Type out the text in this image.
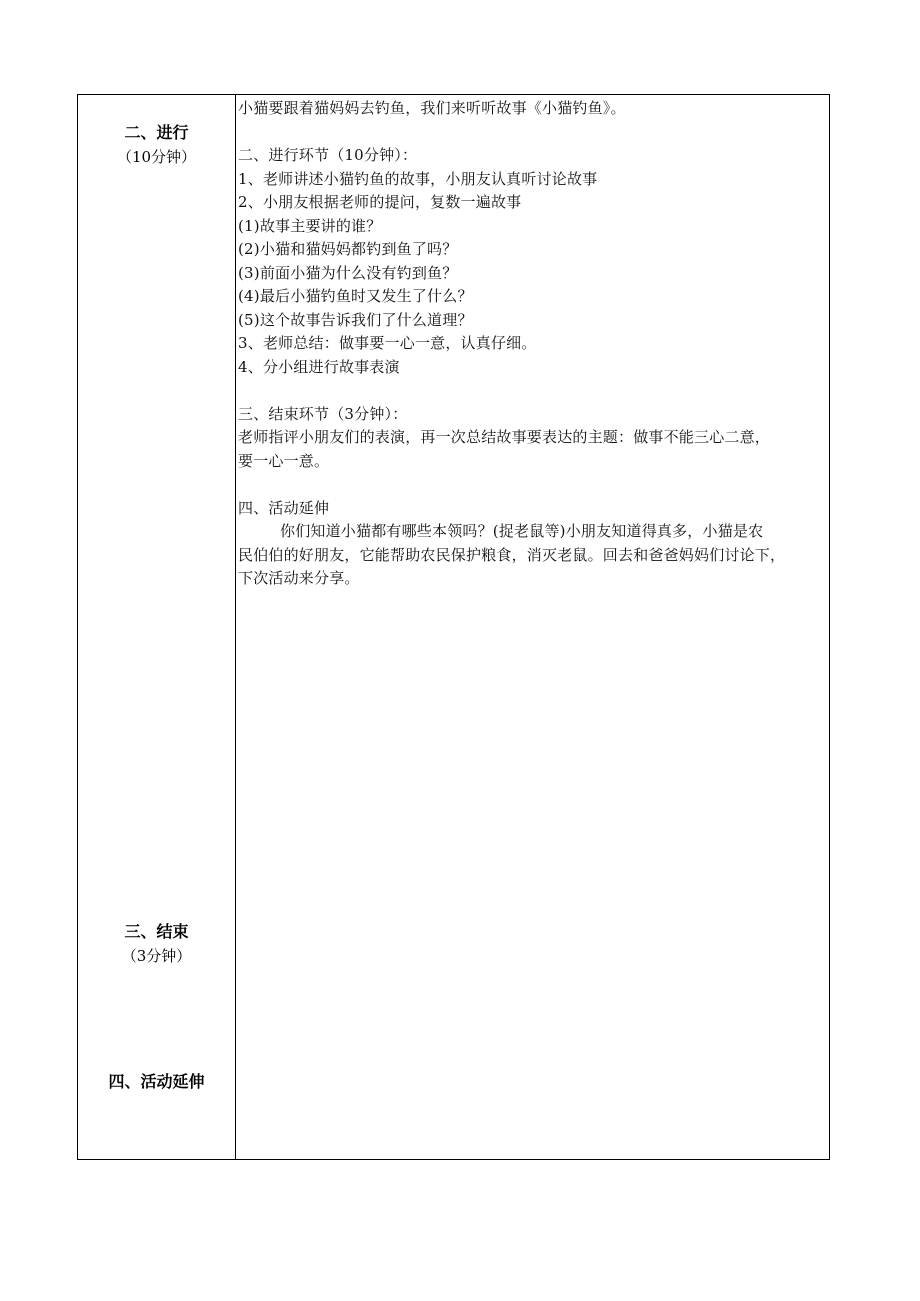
二、进行
（10分钟）
三、结束
（3分钟）
四、活动延伸

小猫要跟着猫妈妈去钓鱼，我们来听听故事《小猫钓鱼》。

二、进行环节（10分钟）：

1、老师讲述小猫钓鱼的故事，小朋友认真听讨论故事

2、小朋友根据老师的提问，复数一遍故事

(1)故事主要讲的谁？

(2)小猫和猫妈妈都钓到鱼了吗？

(3)前面小猫为什么没有钓到鱼？

(4)最后小猫钓鱼时又发生了什么？

(5)这个故事告诉我们了什么道理？

3、老师总结：做事要一心一意，认真仔细。

4、分小组进行故事表演

三、结束环节（3分钟）：

老师指评小朋友们的表演，再一次总结故事要表达的主题：做事不能三心二意，

要一心一意。

四、活动延伸

你们知道小猫都有哪些本领吗？(捉老鼠等)小朋友知道得真多，小猫是农

民伯伯的好朋友，它能帮助农民保护粮食，消灭老鼠。回去和爸爸妈妈们讨论下，

下次活动来分享。
